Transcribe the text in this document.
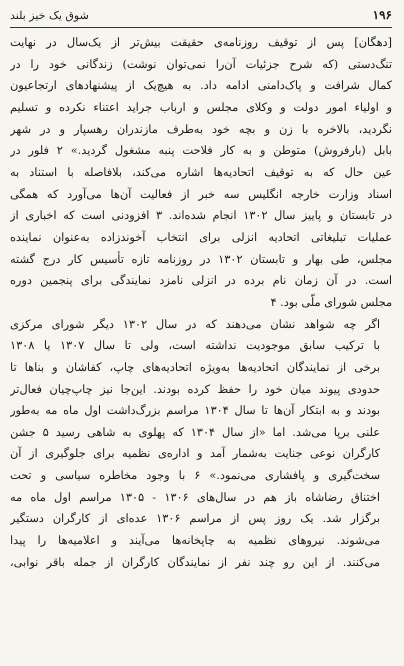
شوق یک خیز بلند	۱۹۶
[دهگان] پس از توقیف روزنامه‌ی حقیقت بیش‌تر از یک‌سال در نهایت
تنگ‌دستی (که شرح جزئیات آن‌را نمی‌توان نوشت) زندگانی خود را در
کمال شرافت و پاک‌دامنی ادامه داد. به هیچ‌یک از پیشنهادهای ارتجاعیون
و اولیاء امور دولت و وکلای مجلس و ارباب جراید اعتناء نکرده و تسلیم
نگردید، بالاخره با زن و بچه خود به‌طرف مازندران رهسپار و در شهر
بابل (بارفروش) متوطن و به کار فلاحت پنبه مشغول گردید.» ۲ فلور در
عین حال که به توقیف اتحادیه‌ها اشاره می‌کند، بلافاصله با استناد به
اسناد وزارت خارجه انگلیس سه خبر از فعالیت آن‌ها می‌آورد که همگی
در تابستان و پاییز سال ۱۳۰۲ انجام شده‌اند. ۳ افزودنی است که اخباری از
عملیات تبلیغاتی اتحادیه انزلی برای انتخاب آخوندزاده به‌عنوان نماینده
مجلس، طی بهار و تابستان ۱۳۰۲ در روزنامه تازه تأسیس کار درج گشته
است. در آن زمان نام برده در انزلی نامزد نمایندگی برای پنجمین دوره
مجلس شورای ملّی بود. ۴
اگر چه شواهد نشان می‌دهند که در سال ۱۳۰۲ دیگر شورای مرکزی
با ترکیب سابق موجودیت نداشته است، ولی تا سال ۱۳۰۷ یا ۱۳۰۸
برخی از نمایندگان اتحادیه‌ها به‌ویژه اتحادیه‌های چاپ، کفاشان و بناها تا
حدودی پیوند میان خود را حفظ کرده بودند. این‌جا نیز چاپ‌چیان فعال‌تر
بودند و به ابتکار آن‌ها تا سال ۱۳۰۴ مراسم بزرگ‌داشت اول ماه مه به‌طور
علنی برپا می‌شد. اما «از سال ۱۳۰۴ که پهلوی به شاهی رسید ۵ جشن
کارگران نوعی جنایت به‌شمار آمد و اداره‌ی نظمیه برای جلوگیری از آن
سخت‌گیری و پافشاری می‌نمود.» ۶ با وجود مخاطره سیاسی و تحت
اختناق رضاشاه باز هم در سال‌های ۱۳۰۶ - ۱۳۰۵ مراسم اول ماه مه
برگزار شد. یک روز پس از مراسم ۱۳۰۶ عده‌ای از کارگران دستگیر
می‌شوند. نیروهای نظمیه به چاپخانه‌ها می‌آیند و اعلامیه‌ها را پیدا
می‌کنند. از این رو چند نفر از نمایندگان کارگران از جمله باقر نوابی،
